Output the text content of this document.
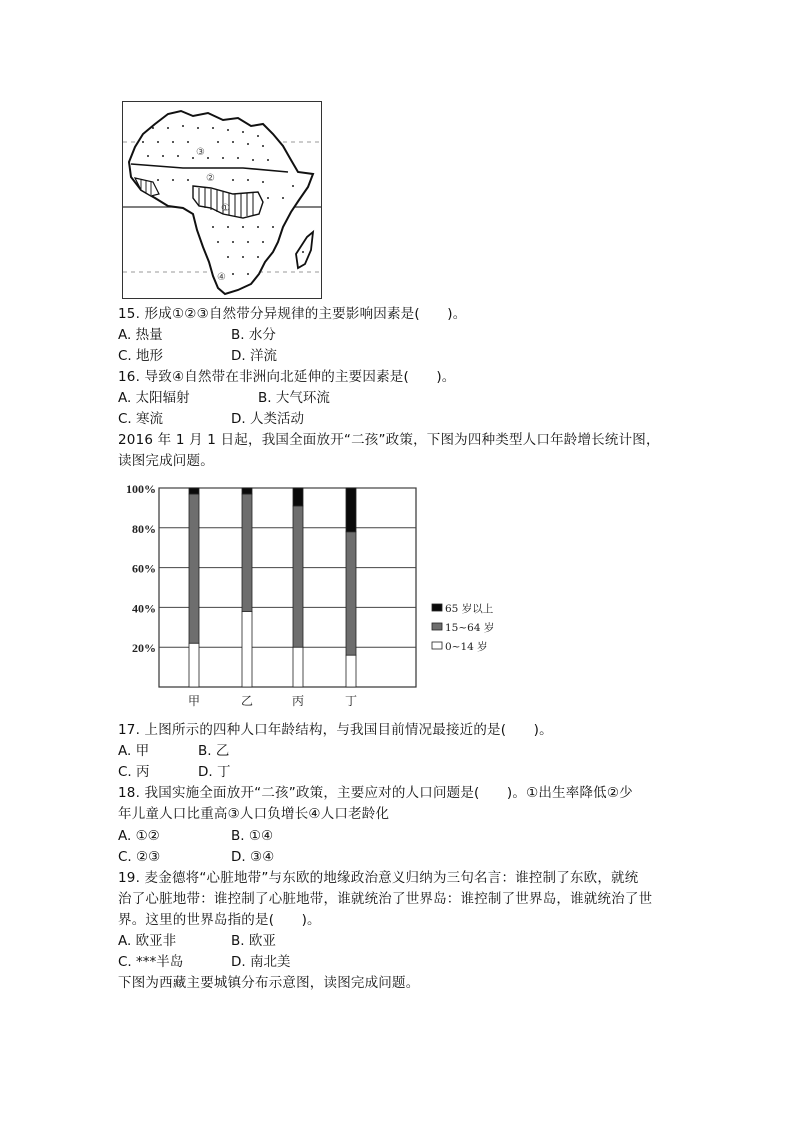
③
②
①
④
15. 形成①②③自然带分异规律的主要影响因素是(　　)。
A. 热量	B. 水分
C. 地形	D. 洋流
16. 导致④自然带在非洲向北延伸的主要因素是(　　)。
A. 太阳辐射	B. 大气环流
C. 寒流	D. 人类活动
2016 年 1 月 1 日起，我国全面放开“二孩”政策，下图为四种类型人口年龄增长统计图，
读图完成问题。
20%
40%
60%
80%
100%
甲	乙	丙	丁
65 岁以上
15~64 岁
0~14 岁
17. 上图所示的四种人口年龄结构，与我国目前情况最接近的是(　　)。
A. 甲	B. 乙
C. 丙	D. 丁
18. 我国实施全面放开“二孩”政策，主要应对的人口问题是(　　)。①出生率降低②少
年儿童人口比重高③人口负增长④人口老龄化
A. ①②	B. ①④
C. ②③	D. ③④
19. 麦金德将“心脏地带”与东欧的地缘政治意义归纳为三句名言：谁控制了东欧，就统
治了心脏地带：谁控制了心脏地带，谁就统治了世界岛：谁控制了世界岛，谁就统治了世
界。这里的世界岛指的是(　　)。
A. 欧亚非	B. 欧亚
C. ***半岛	D. 南北美
下图为西藏主要城镇分布示意图，读图完成问题。
